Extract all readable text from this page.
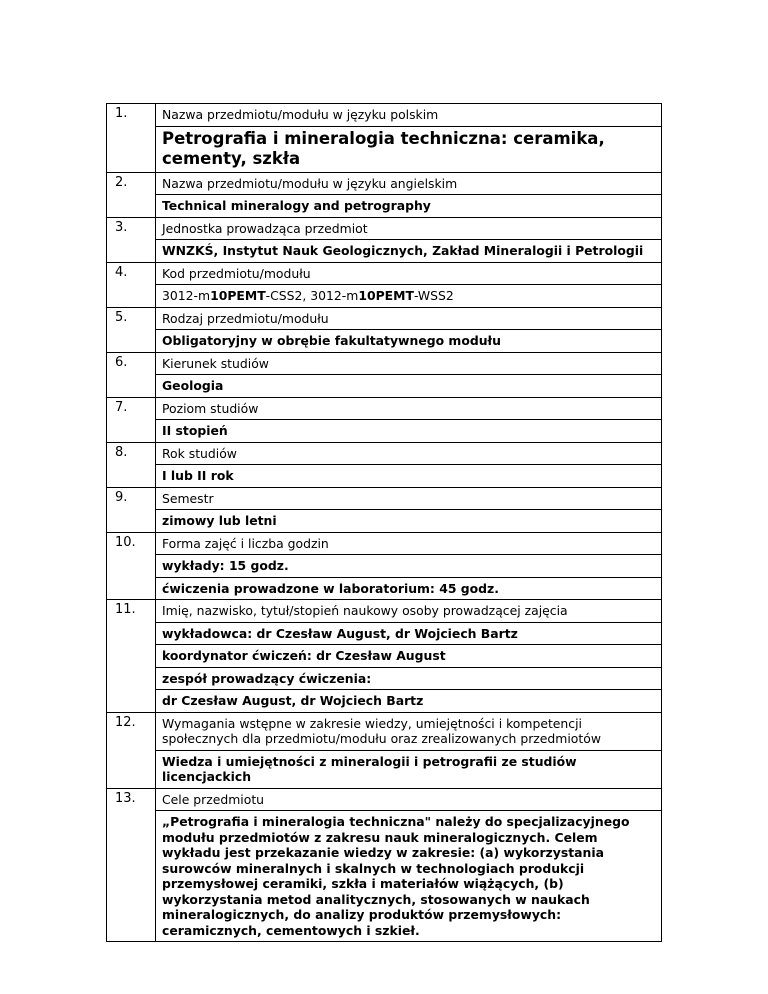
1.	Nazwa przedmiotu/modułu w języku polskim
Petrografia i mineralogia techniczna: ceramika, cementy, szkła

2.	Nazwa przedmiotu/modułu w języku angielskim
Technical mineralogy and petrography

3.	Jednostka prowadząca przedmiot
WNZKŚ, Instytut Nauk Geologicznych, Zakład Mineralogii i Petrologii

4.	Kod przedmiotu/modułu
3012-m10PEMT-CSS2, 3012-m10PEMT-WSS2

5.	Rodzaj przedmiotu/modułu
Obligatoryjny w obrębie fakultatywnego modułu

6.	Kierunek studiów
Geologia

7.	Poziom studiów
II stopień

8.	Rok studiów
I lub II rok

9.	Semestr
zimowy lub letni

10.	Forma zajęć i liczba godzin
wykłady: 15 godz.
ćwiczenia prowadzone w laboratorium: 45 godz.

11.	Imię, nazwisko, tytuł/stopień naukowy osoby prowadzącej zajęcia
wykładowca: dr Czesław August, dr Wojciech Bartz
koordynator ćwiczeń: dr Czesław August
zespół prowadzący ćwiczenia:
dr Czesław August, dr Wojciech Bartz

12.	Wymagania wstępne w zakresie wiedzy, umiejętności i kompetencji społecznych dla przedmiotu/modułu oraz zrealizowanych przedmiotów
Wiedza i umiejętności z mineralogii i petrografii ze studiów licencjackich

13.	Cele przedmiotu
„Petrografia i mineralogia techniczna" należy do specjalizacyjnego modułu przedmiotów z zakresu nauk mineralogicznych. Celem wykładu jest przekazanie wiedzy w zakresie: (a) wykorzystania surowców mineralnych i skalnych w technologiach produkcji przemysłowej ceramiki, szkła i materiałów wiążących, (b) wykorzystania metod analitycznych, stosowanych w naukach mineralogicznych, do analizy produktów przemysłowych: ceramicznych, cementowych i szkieł.
